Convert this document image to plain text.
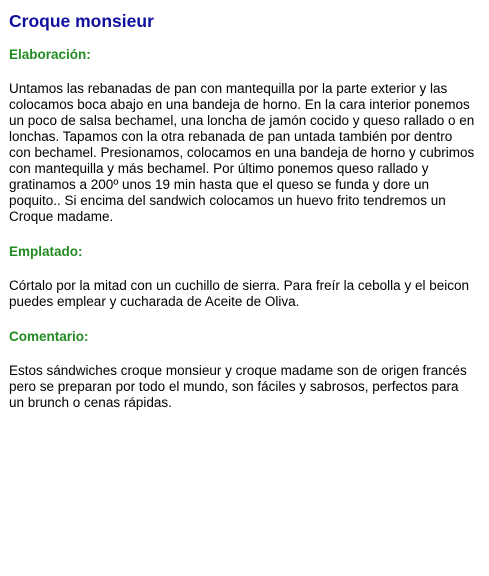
Croque monsieur
Elaboración:

Untamos las rebanadas de pan con mantequilla por la parte exterior y las colocamos boca abajo en una bandeja de horno. En la cara interior ponemos un poco de salsa bechamel, una loncha de jamón cocido y queso rallado o en lonchas. Tapamos con la otra rebanada de pan untada también por dentro con bechamel. Presionamos, colocamos en una bandeja de horno y cubrimos con mantequilla y más bechamel. Por último ponemos queso rallado y gratinamos a 200º unos 19 min hasta que el queso se funda y dore un poquito.. Si encima del sandwich colocamos un huevo frito tendremos un Croque madame.

Emplatado:

Córtalo por la mitad con un cuchillo de sierra. Para freír la cebolla y el beicon puedes emplear y cucharada de Aceite de Oliva.

Comentario:

Estos sándwiches croque monsieur y croque madame son de origen francés pero se preparan por todo el mundo, son fáciles y sabrosos, perfectos para un brunch o cenas rápidas.
